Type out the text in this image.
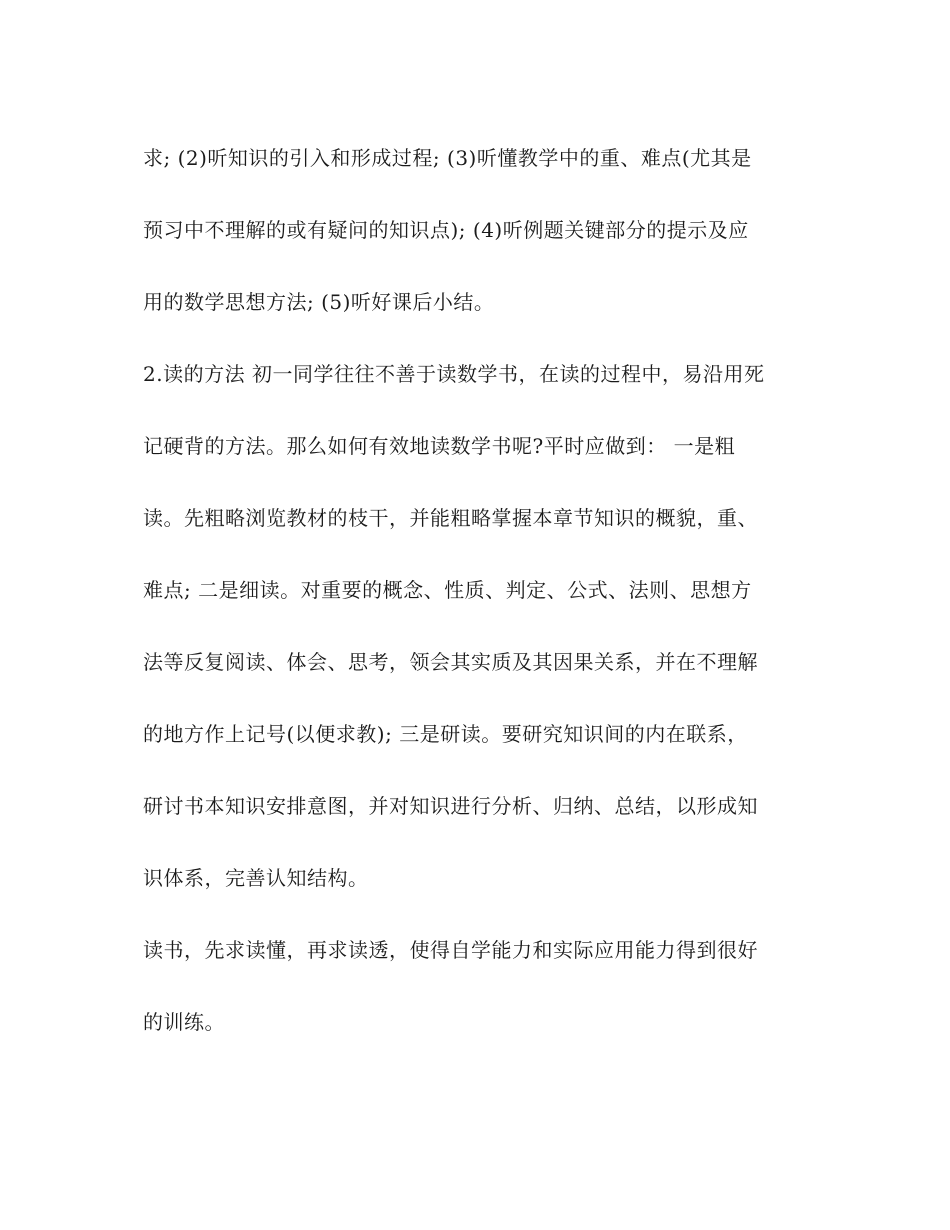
求; (2)听知识的引入和形成过程; (3)听懂教学中的重、难点(尤其是
预习中不理解的或有疑问的知识点); (4)听例题关键部分的提示及应
用的数学思想方法; (5)听好课后小结。
2.读的方法 初一同学往往不善于读数学书，在读的过程中，易沿用死
记硬背的方法。那么如何有效地读数学书呢?平时应做到： 一是粗
读。先粗略浏览教材的枝干，并能粗略掌握本章节知识的概貌，重、
难点; 二是细读。对重要的概念、性质、判定、公式、法则、思想方
法等反复阅读、体会、思考，领会其实质及其因果关系，并在不理解
的地方作上记号(以便求教); 三是研读。要研究知识间的内在联系，
研讨书本知识安排意图，并对知识进行分析、归纳、总结，以形成知
识体系，完善认知结构。
读书，先求读懂，再求读透，使得自学能力和实际应用能力得到很好
的训练。
